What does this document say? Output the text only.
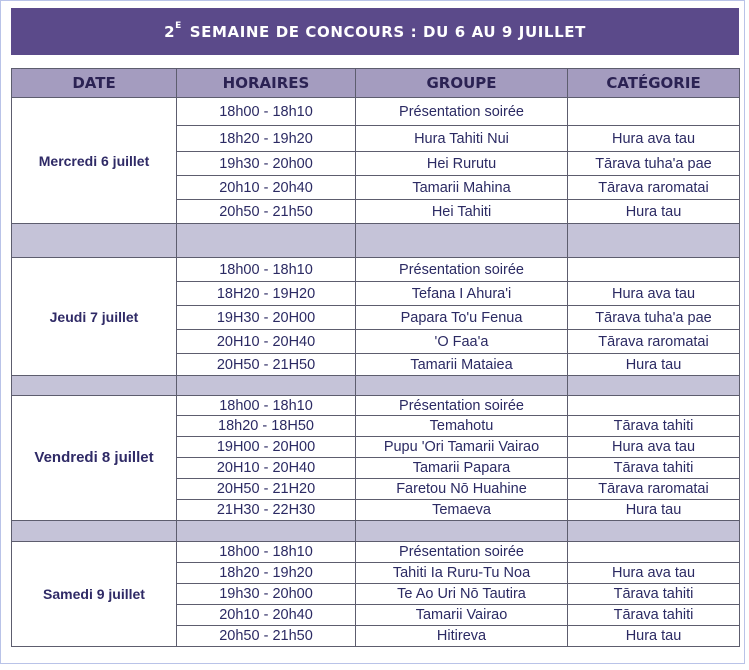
$2^E$
SEMAINE DE CONCOURS : DU 6 AU 9 JUILLET
DATE	HORAIRES	GROUPE	CATÉGORIE
Mercredi 6 juillet	18h00 - 18h10	Présentation soirée	
	18h20 - 19h20	Hura Tahiti Nui	Hura ava tau
	19h30 - 20h00	Hei Rurutu	Tārava tuha'a pae
	20h10 - 20h40	Tamarii Mahina	Tārava raromatai
	20h50 - 21h50	Hei Tahiti	Hura tau

Jeudi 7 juillet	18h00 - 18h10	Présentation soirée	
	18H20 - 19H20	Tefana I Ahura'i	Hura ava tau
	19H30 - 20H00	Papara To'u Fenua	Tārava tuha'a pae
	20H10 - 20H40	'O Faa'a	Tārava raromatai
	20H50 - 21H50	Tamarii Mataiea	Hura tau

Vendredi 8 juillet	18h00 - 18h10	Présentation soirée	
	18h20 - 18H50	Temahotu	Tārava tahiti
	19H00 - 20H00	Pupu 'Ori Tamarii Vairao	Hura ava tau
	20H10 - 20H40	Tamarii Papara	Tārava tahiti
	20H50 - 21H20	Faretou Nō Huahine	Tārava raromatai
	21H30 - 22H30	Temaeva	Hura tau

Samedi 9 juillet	18h00 - 18h10	Présentation soirée	
	18h20 - 19h20	Tahiti Ia Ruru-Tu Noa	Hura ava tau
	19h30 - 20h00	Te Ao Uri Nō Tautira	Tārava tahiti
	20h10 - 20h40	Tamarii Vairao	Tārava tahiti
	20h50 - 21h50	Hitireva	Hura tau
